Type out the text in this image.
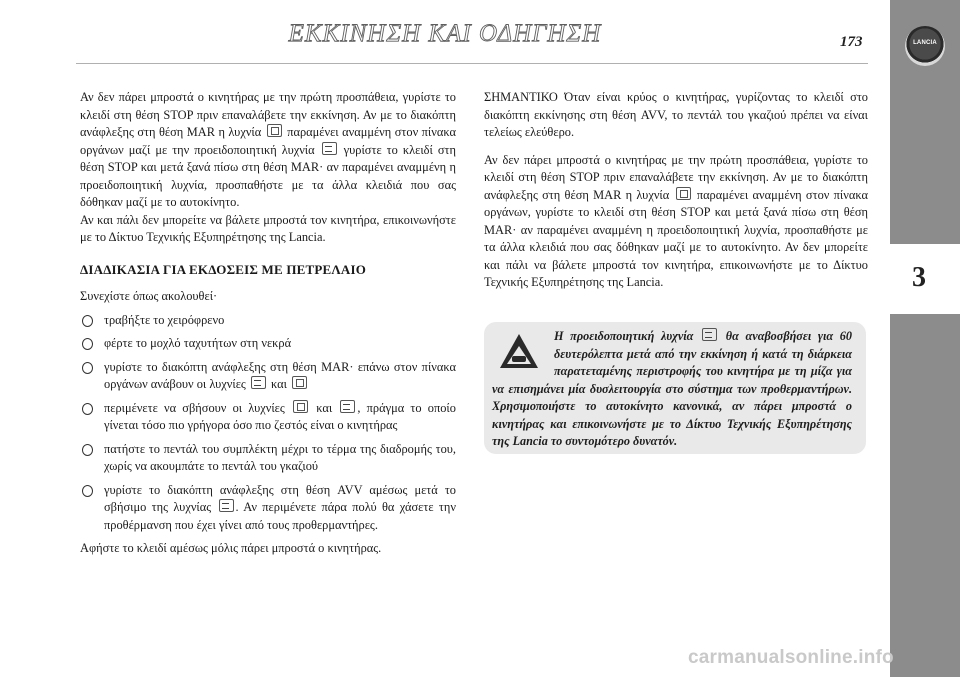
ΕΚΚΙΝΗΣΗ ΚΑΙ ΟΔΗΓΗΣΗ	173	LANCIA
3

Αν δεν πάρει μπροστά ο κινητήρας με την πρώτη προσπάθεια, γυρίστε το κλειδί στη θέση STOP πριν επαναλάβετε την εκκίνηση. Αν με το διακόπτη ανάφλεξης στη θέση MAR η λυχνία παραμένει αναμμένη στον πίνακα οργάνων μαζί με την προειδοποιητική λυχνία γυρίστε το κλειδί στη θέση STOP και μετά ξανά πίσω στη θέση MAR· αν παραμένει αναμμένη η προειδοποιητική λυχνία, προσπαθήστε με τα άλλα κλειδιά που σας δόθηκαν μαζί με το αυτοκίνητο.

Αν και πάλι δεν μπορείτε να βάλετε μπροστά τον κινητήρα, επικοινωνήστε με το Δίκτυο Τεχνικής Εξυπηρέτησης της Lancia.

ΔΙΑΔΙΚΑΣΙΑ ΓΙΑ ΕΚΔΟΣΕΙΣ ΜΕ ΠΕΤΡΕΛΑΙΟ

Συνεχίστε όπως ακολουθεί·

τραβήξτε το χειρόφρενο
φέρτε το μοχλό ταχυτήτων στη νεκρά
γυρίστε το διακόπτη ανάφλεξης στη θέση MAR· επάνω στον πίνακα οργάνων ανάβουν οι λυχνίες και
περιμένετε να σβήσουν οι λυχνίες	και , πράγμα το οποίο γίνεται τόσο πιο γρήγορα όσο πιο ζεστός είναι ο κινητήρας
πατήστε το πεντάλ του συμπλέκτη μέχρι το τέρμα της διαδρομής του, χωρίς να ακουμπάτε το πεντάλ του γκαζιού
γυρίστε το διακόπτη ανάφλεξης στη θέση AVV αμέσως μετά το σβήσιμο της λυχνίας . Αν περιμένετε πάρα πολύ θα χάσετε την προθέρμανση που έχει γίνει από τους προθερμαντήρες.

Αφήστε το κλειδί αμέσως μόλις πάρει μπροστά ο κινητήρας.

ΣΗΜΑΝΤΙΚΟ Όταν είναι κρύος ο κινητήρας, γυρίζοντας το κλειδί στο διακόπτη εκκίνησης στη θέση AVV, το πεντάλ του γκαζιού πρέπει να είναι τελείως ελεύθερο.

Αν δεν πάρει μπροστά ο κινητήρας με την πρώτη προσπάθεια, γυρίστε το κλειδί στη θέση STOP πριν επαναλάβετε την εκκίνηση. Αν με το διακόπτη ανάφλεξης στη θέση MAR η λυχνία παραμένει αναμμένη στον πίνακα οργάνων, γυρίστε το κλειδί στη θέση STOP και μετά ξανά πίσω στη θέση MAR· αν παραμένει αναμμένη η προειδοποιητική λυχνία, προσπαθήστε με τα άλλα κλειδιά που σας δόθηκαν μαζί με το αυτοκίνητο. Αν δεν μπορείτε και πάλι να βάλετε μπροστά τον κινητήρα, επικοινωνήστε με το Δίκτυο Τεχνικής Εξυπηρέτησης της Lancia.

Η προειδοποιητική λυχνία	θα αναβοσβήσει για 60 δευτερόλεπτα μετά από την εκκίνηση ή κατά τη διάρκεια παρατεταμένης περιστροφής του κινητήρα με τη μίζα για να επισημάνει μία δυσλειτουργία στο σύστημα των προθερμαντήρων. Χρησιμοποιήστε το αυτοκίνητο κανονικά, αν πάρει μπροστά ο κινητήρας και επικοινωνήστε με το Δίκτυο Τεχνικής Εξυπηρέτησης της Lancia το συντομότερο δυνατόν.
carmanualsonline.info
